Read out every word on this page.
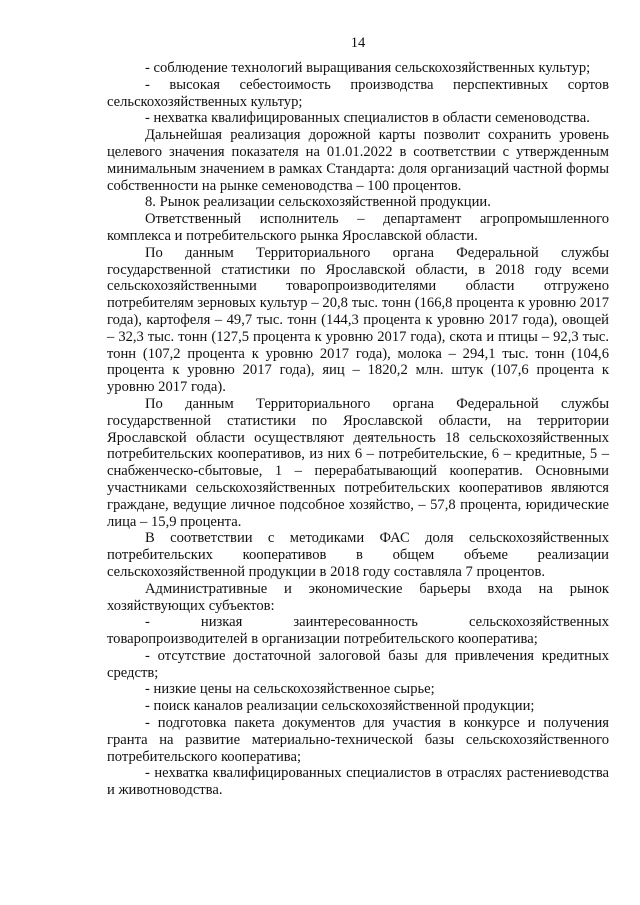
14

- соблюдение технологий выращивания сельскохозяйственных культур;

- высокая себестоимость производства перспективных сортов сельскохозяйственных культур;

- нехватка квалифицированных специалистов в области семеноводства.

Дальнейшая реализация дорожной карты позволит сохранить уровень целевого значения показателя на 01.01.2022 в соответствии с утвержденным минимальным значением в рамках Стандарта: доля организаций частной формы собственности на рынке семеноводства – 100 процентов.

8. Рынок реализации сельскохозяйственной продукции.

Ответственный исполнитель – департамент агропромышленного комплекса и потребительского рынка Ярославской области.

По данным Территориального органа Федеральной службы государственной статистики по Ярославской области, в 2018 году всеми сельскохозяйственными товаропроизводителями области отгружено потребителям зерновых культур – 20,8 тыс. тонн (166,8 процента к уровню 2017 года), картофеля – 49,7 тыс. тонн (144,3 процента к уровню 2017 года), овощей – 32,3 тыс. тонн (127,5 процента к уровню 2017 года), скота и птицы – 92,3 тыс. тонн (107,2 процента к уровню 2017 года), молока – 294,1 тыс. тонн (104,6 процента к уровню 2017 года), яиц – 1820,2 млн. штук (107,6 процента к уровню 2017 года).

По данным Территориального органа Федеральной службы государственной статистики по Ярославской области, на территории Ярославской области осуществляют деятельность 18 сельскохозяйственных потребительских кооперативов, из них 6 – потребительские, 6 – кредитные, 5 – снабженческо-сбытовые, 1 – перерабатывающий кооператив. Основными участниками сельскохозяйственных потребительских кооперативов являются граждане, ведущие личное подсобное хозяйство, – 57,8 процента, юридические лица – 15,9 процента.

В соответствии с методиками ФАС доля сельскохозяйственных потребительских кооперативов в общем объеме реализации сельскохозяйственной продукции в 2018 году составляла 7 процентов.

Административные и экономические барьеры входа на рынок хозяйствующих субъектов:

- низкая заинтересованность сельскохозяйственных товаропроизводителей в организации потребительского кооператива;

- отсутствие достаточной залоговой базы для привлечения кредитных средств;

- низкие цены на сельскохозяйственное сырье;

- поиск каналов реализации сельскохозяйственной продукции;

- подготовка пакета документов для участия в конкурсе и получения гранта на развитие материально-технической базы сельскохозяйственного потребительского кооператива;

- нехватка квалифицированных специалистов в отраслях растениеводства и животноводства.
